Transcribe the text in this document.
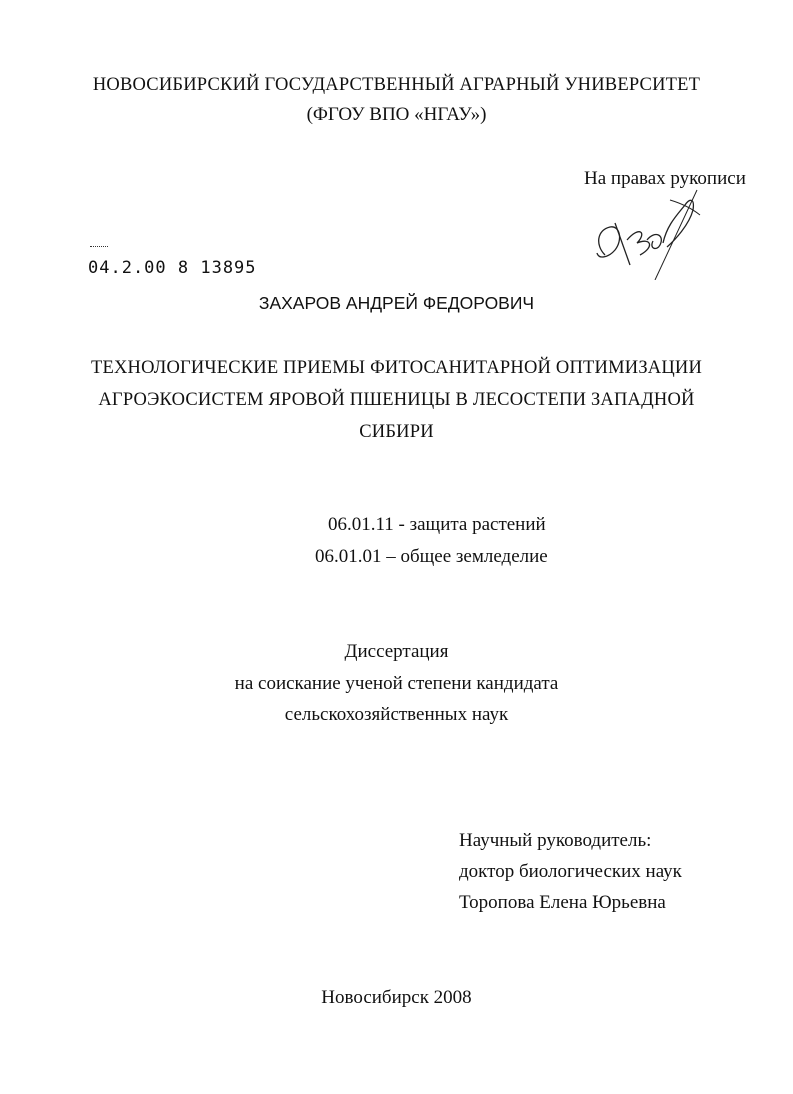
НОВОСИБИРСКИЙ ГОСУДАРСТВЕННЫЙ АГРАРНЫЙ УНИВЕРСИТЕТ
(ФГОУ ВПО «НГАУ»)
На правах рукописи
04.2.00 8 13895
ЗАХАРОВ АНДРЕЙ ФЕДОРОВИЧ
ТЕХНОЛОГИЧЕСКИЕ ПРИЕМЫ ФИТОСАНИТАРНОЙ ОПТИМИЗАЦИИ
АГРОЭКОСИСТЕМ ЯРОВОЙ ПШЕНИЦЫ В ЛЕСОСТЕПИ ЗАПАДНОЙ
СИБИРИ
06.01.11 - защита растений
06.01.01 – общее земледелие
Диссертация
на соискание ученой степени кандидата
сельскохозяйственных наук
Научный руководитель:
доктор биологических наук
Торопова Елена Юрьевна
Новосибирск 2008
